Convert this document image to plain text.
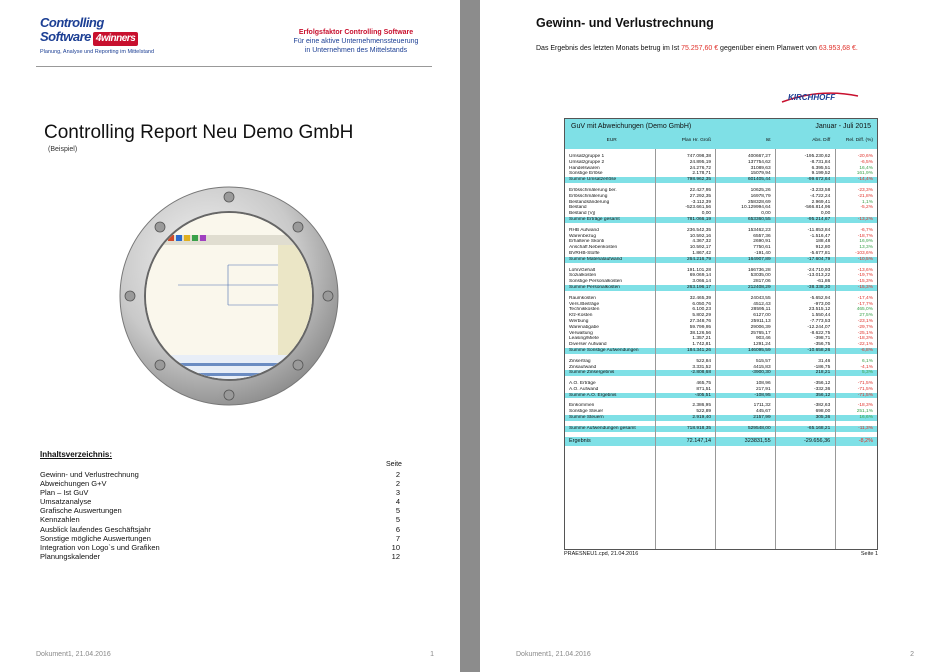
Controlling
Software 4winners
Planung, Analyse und Reporting im Mittelstand
Erfolgsfaktor Controlling Software
Für eine aktive Unternehmenssteuerung
in Unternehmen des Mittelstands
Controlling Report Neu Demo GmbH
(Beispiel)
Inhaltsverzeichnis:
Seite
Gewinn- und Verlustrechnung	2
Abweichungen G+V	2
Plan – Ist GuV	3
Umsatzanalyse	4
Grafische Auswertungen	5
Kennzahlen	5
Ausblick laufendes Geschäftsjahr	6
Sonstige mögliche Auswertungen	7
Integration von Logo`s und Grafiken	10
Planungskalender	12
Dokument1, 21.04.2016	1
Gewinn- und Verlustrechnung
Das Ergebnis des letzten Monats betrug im Ist 75.257,60 € gegenüber einem Planwert von 63.953,68 €.
KIRCHHOFF
GuV mit Abweichungen (Demo GmbH)	Januar - Juli 2015
EUR	Plan Hr. Groß	Ist	Abs. Diff	Rel. Diff. (%)
Umsatzgruppe 1	747.098,38	400667,27	-195.230,62	-20,6%
Umsatzgruppe 2	24.895,19	137754,62	-8.731,84	-6,5%
Handelswaren	24.276,72	31089,63	6.395,51	16,4%
Sonstige Erlöse	2.178,71	15079,94	9.199,52	161,9%
Summe Umsatzerlöse	798.962,35	601405,44	-99.672,64	-14,4%
Erlösschmälerung ber.	22.427,95	10625,26	-3.233,58	-23,3%
Erlösschmälerung	27.292,35	16978,79	-4.722,24	-21,8%
Bestandsänderung	-3.112,39	258328,69	2.969,41	1,1%
Bestand	-523.661,56	10.129994,64	-566.814,96	-5,2%
Bestand (Vj)	0,00	0,00	0,00
Summe Erträge gesamt	781.066,19	653360,55	-95.214,67	-13,2%
RHB Aufwand	236.542,35	153462,23	-11.853,84	-6,7%
Warenbezug	10.592,16	6557,36	-1.516,47	-18,7%
Erhaltene Skonti	4.367,32	2690,91	188,48	16,9%
Anschaff.Nebenkosten	10.592,17	7750,61	912,80	13,3%
BVRHB-Stoffe	1.867,42	-191,40	-5.677,81	-103,6%
Summe Materialaufwand	264.216,79	164907,89	-17.604,79	-10,5%
Lohn/Gehalt	191.101,28	166736,28	-24.710,93	-13,6%
Sozialkosten	69.069,14	53035,00	-13.013,22	-19,7%
Sonstige Personalkosten	3.066,14	2817,06	-61,86	-15,3%
Summe Personalkosten	263.196,17	212408,29	-38.338,30	-15,3%
Raumkosten	32.465,39	24043,55	-5.652,94	-17,4%
Vers./Beiträge	6.050,76	4512,43	-973,00	-17,7%
Technikkosten	6.100,23	28595,11	23.515,12	465,0%
Kfz-Kosten	5.802,29	6127,00	1.550,44	27,5%
Werbung	27.348,76	25911,13	-7.773,53	-23,1%
Warenabgabe	59.799,95	29006,39	-12.244,07	-29,7%
Verwaltung	38.126,56	25765,17	-8.622,75	-25,1%
Leasing/Miete	1.357,21	903,46	-398,71	-18,3%
Diverser Aufwand	1.742,81	1291,24	-356,75	-22,1%
Summe Sonstige Aufwendungen	184.341,26	146095,59	-10.658,26	-6,8%
Zinsertrag	522,84	515,57	31,46	6,1%
Zinsaufwand	3.331,52	4415,83	-186,75	-4,1%
Summe Zinsergebnis	-2.808,68	-3900,30	218,21	5,3%
A.O. Erträge	465,75	108,96	-356,12	-71,5%
A.O. Aufwand	871,51	217,91	-332,36	-71,5%
Summe A.O. Ergebnis	-405,51	-108,95	356,12	-71,5%
Einkommen	2.386,95	1711,32	-382,63	-18,3%
Sonstige Steuer	522,89	445,67	698,00	251,1%
Summe Steuern	2.919,40	2157,99	305,36	16,6%
Summe Aufwendungen gesamt	718.918,35	529548,00	-65.168,21	-11,3%
Ergebnis	72.147,14	323831,55	-29.656,36	-8,2%
PRAESNEU1.cpd, 21.04.2016	Seite 1
Dokument1, 21.04.2016	2
